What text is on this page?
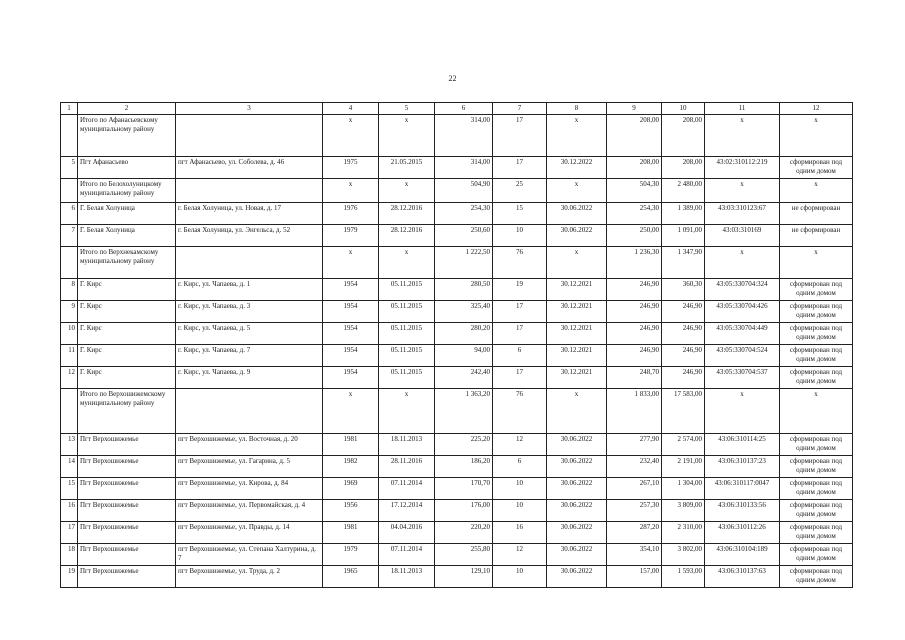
22
1	2	3	4	5	6	7	8	9	10	11	12
	Итого по Афанасьевскому муниципальному району		x	x	314,00	17	x	208,00	208,00	x	x
5	Пгт Афанасьево	пгт Афанасьево, ул. Соболева, д. 46	1975	21.05.2015	314,00	17	30.12.2022	208,00	208,00	43:02:310112:219	сформирован под одним домом
	Итого по Белохолуницкому муниципальному району		x	x	504,90	25	x	504,30	2 480,00	x	x
6	Г. Белая Холуница	г. Белая Холуница, ул. Новая, д. 17	1976	28.12.2016	254,30	15	30.06.2022	254,30	1 389,00	43:03:310123:67	не сформирован
7	Г. Белая Холуница	г. Белая Холуница, ул. Энгельса, д. 52	1979	28.12.2016	250,60	10	30.06.2022	250,00	1 091,00	43:03:310169	не сформирован
	Итого по Верхнекамскому муниципальному району		x	x	1 222,50	76	x	1 236,30	1 347,90	x	x
8	Г. Кирс	г. Кирс, ул. Чапаева, д. 1	1954	05.11.2015	280,50	19	30.12.2021	246,90	360,30	43:05:330704:324	сформирован под одним домом
9	Г. Кирс	г. Кирс, ул. Чапаева, д. 3	1954	05.11.2015	325,40	17	30.12.2021	246,90	246,90	43:05:330704:426	сформирован под одним домом
10	Г. Кирс	г. Кирс, ул. Чапаева, д. 5	1954	05.11.2015	280,20	17	30.12.2021	246,90	246,90	43:05:330704:449	сформирован под одним домом
11	Г. Кирс	г. Кирс, ул. Чапаева, д. 7	1954	05.11.2015	94,00	6	30.12.2021	246,90	246,90	43:05:330704:524	сформирован под одним домом
12	Г. Кирс	г. Кирс, ул. Чапаева, д. 9	1954	05.11.2015	242,40	17	30.12.2021	248,70	246,90	43:05:330704:537	сформирован под одним домом
	Итого по Верхошижемскому муниципальному району		x	x	1 363,20	76	x	1 833,00	17 583,00	x	x
13	Пгт Верхошижемье	пгт Верхошижемье, ул. Восточная, д. 20	1981	18.11.2013	225,20	12	30.06.2022	277,90	2 574,00	43:06:310114:25	сформирован под одним домом
14	Пгт Верхошижемье	пгт Верхошижемье, ул. Гагарина, д. 5	1982	28.11.2016	186,20	6	30.06.2022	232,40	2 191,00	43:06:310137:23	сформирован под одним домом
15	Пгт Верхошижемье	пгт Верхошижемье, ул. Кирова, д. 84	1969	07.11.2014	170,70	10	30.06.2022	267,10	1 304,00	43:06:310117:0047	сформирован под одним домом
16	Пгт Верхошижемье	пгт Верхошижемье, ул. Первомайская, д. 4	1956	17.12.2014	176,00	10	30.06.2022	257,30	3 809,00	43:06:310133:56	сформирован под одним домом
17	Пгт Верхошижемье	пгт Верхошижемье, ул. Правды, д. 14	1981	04.04.2016	220,20	16	30.06.2022	287,20	2 310,00	43:06:310112:26	сформирован под одним домом
18	Пгт Верхошижемье	пгт Верхошижемье, ул. Степана Халтурина, д. 7	1979	07.11.2014	255,80	12	30.06.2022	354,10	3 802,00	43:06:310104:189	сформирован под одним домом
19	Пгт Верхошижемье	пгт Верхошижемье, ул. Труда, д. 2	1965	18.11.2013	129,10	10	30.06.2022	157,00	1 593,00	43:06:310137:63	сформирован под одним домом
